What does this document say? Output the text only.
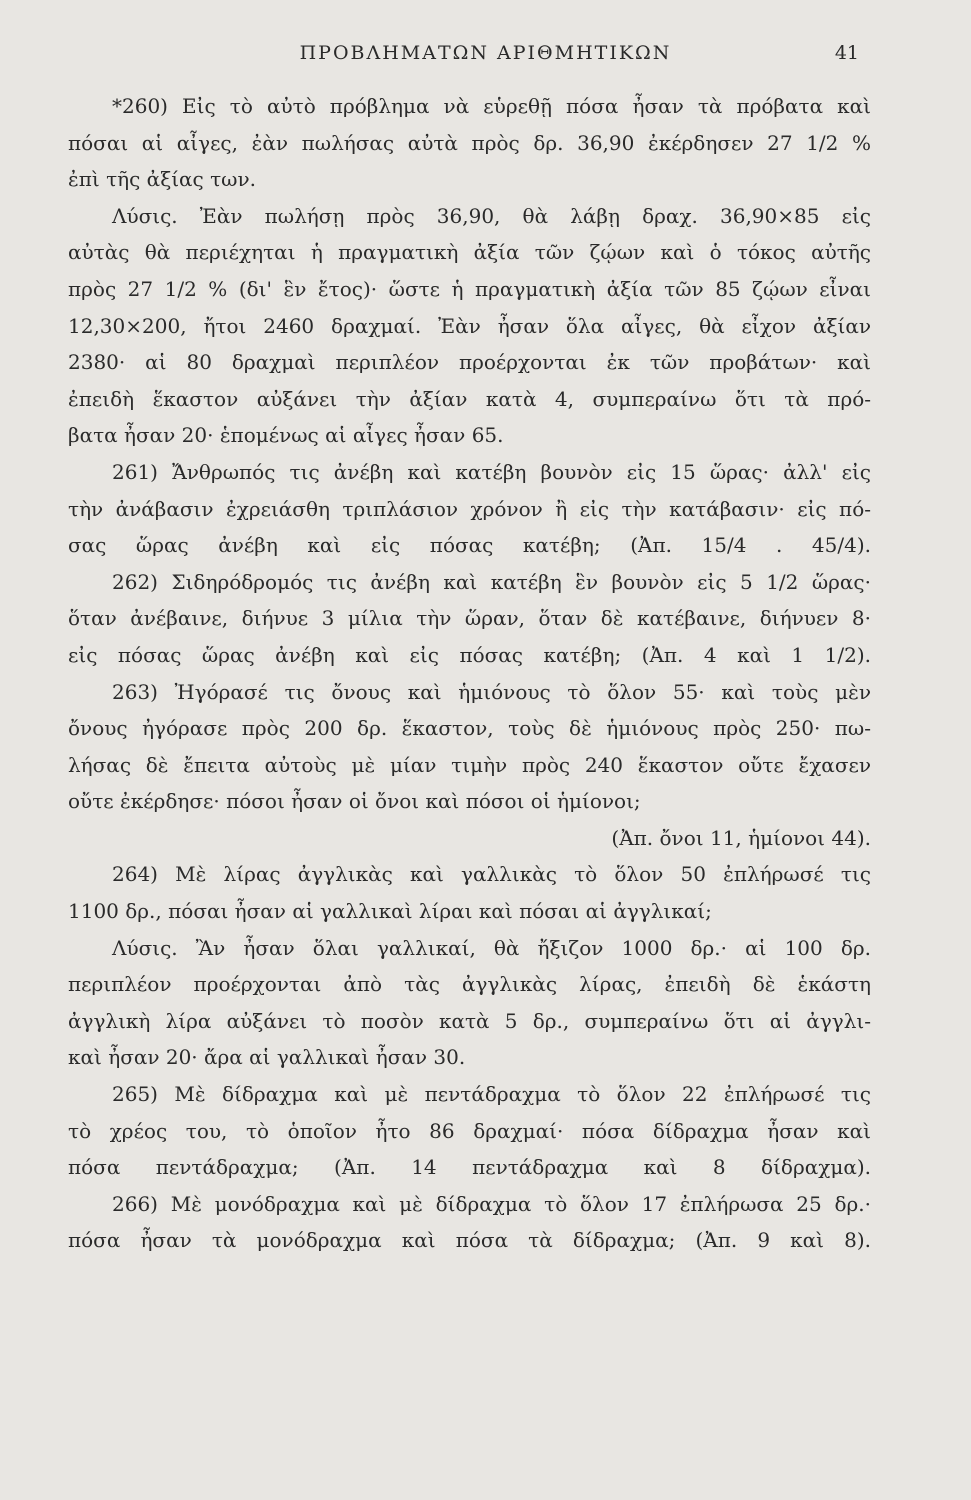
ΠΡΟΒΛΗΜΑΤΩΝ ΑΡΙΘΜΗΤΙΚΩΝ	41
*260) Εἰς τὸ αὐτὸ πρόβλημα νὰ εὑρεθῇ πόσα ἦσαν τὰ πρόβατα καὶ
πόσαι αἱ αἶγες, ἐὰν πωλήσας αὐτὰ πρὸς δρ. 36,90 ἐκέρδησεν 27 1/2 %
ἐπὶ τῆς ἀξίας των.
Λύσις. Ἐὰν πωλήσῃ πρὸς 36,90, θὰ λάβῃ δραχ. 36,90×85 εἰς
αὐτὰς θὰ περιέχηται ἡ πραγματικὴ ἀξία τῶν ζῴων καὶ ὁ τόκος αὐτῆς
πρὸς 27 1/2 % (δι' ἓν ἔτος)· ὥστε ἡ πραγματικὴ ἀξία τῶν 85 ζῴων εἶναι
12,30×200, ἤτοι 2460 δραχμαί. Ἐὰν ἦσαν ὅλα αἶγες, θὰ εἶχον ἀξίαν
2380· αἱ 80 δραχμαὶ περιπλέον προέρχονται ἐκ τῶν προβάτων· καὶ
ἐπειδὴ ἕκαστον αὐξάνει τὴν ἀξίαν κατὰ 4, συμπεραίνω ὅτι τὰ πρό-
βατα ἦσαν 20· ἑπομένως αἱ αἶγες ἦσαν 65.
261) Ἄνθρωπός τις ἀνέβη καὶ κατέβη βουνὸν εἰς 15 ὥρας· ἀλλ' εἰς
τὴν ἀνάβασιν ἐχρειάσθη τριπλάσιον χρόνον ἢ εἰς τὴν κατάβασιν· εἰς πό-
σας ὥρας ἀνέβη καὶ εἰς πόσας κατέβη; (Ἀπ. 15/4 . 45/4).
262) Σιδηρόδρομός τις ἀνέβη καὶ κατέβη ἓν βουνὸν εἰς 5 1/2 ὥρας·
ὅταν ἀνέβαινε, διήνυε 3 μίλια τὴν ὥραν, ὅταν δὲ κατέβαινε, διήνυεν 8·
εἰς πόσας ὥρας ἀνέβη καὶ εἰς πόσας κατέβη; (Ἀπ. 4 καὶ 1 1/2).
263) Ἠγόρασέ τις ὄνους καὶ ἡμιόνους τὸ ὅλον 55· καὶ τοὺς μὲν
ὄνους ἠγόρασε πρὸς 200 δρ. ἕκαστον, τοὺς δὲ ἡμιόνους πρὸς 250· πω-
λήσας δὲ ἔπειτα αὐτοὺς μὲ μίαν τιμὴν πρὸς 240 ἕκαστον οὔτε ἔχασεν
οὔτε ἐκέρδησε· πόσοι ἦσαν οἱ ὄνοι καὶ πόσοι οἱ ἡμίονοι;
(Ἀπ. ὄνοι 11, ἡμίονοι 44).
264) Μὲ λίρας ἀγγλικὰς καὶ γαλλικὰς τὸ ὅλον 50 ἐπλήρωσέ τις
1100 δρ., πόσαι ἦσαν αἱ γαλλικαὶ λίραι καὶ πόσαι αἱ ἀγγλικαί;
Λύσις. Ἂν ἦσαν ὅλαι γαλλικαί, θὰ ἤξιζον 1000 δρ.· αἱ 100 δρ.
περιπλέον προέρχονται ἀπὸ τὰς ἀγγλικὰς λίρας, ἐπειδὴ δὲ ἑκάστη
ἀγγλικὴ λίρα αὐξάνει τὸ ποσὸν κατὰ 5 δρ., συμπεραίνω ὅτι αἱ ἀγγλι-
καὶ ἦσαν 20· ἄρα αἱ γαλλικαὶ ἦσαν 30.
265) Μὲ δίδραχμα καὶ μὲ πεντάδραχμα τὸ ὅλον 22 ἐπλήρωσέ τις
τὸ χρέος του, τὸ ὁποῖον ἦτο 86 δραχμαί· πόσα δίδραχμα ἦσαν καὶ
πόσα πεντάδραχμα; (Ἀπ. 14 πεντάδραχμα καὶ 8 δίδραχμα).
266) Μὲ μονόδραχμα καὶ μὲ δίδραχμα τὸ ὅλον 17 ἐπλήρωσα 25 δρ.·
πόσα ἦσαν τὰ μονόδραχμα καὶ πόσα τὰ δίδραχμα; (Ἀπ. 9 καὶ 8).
